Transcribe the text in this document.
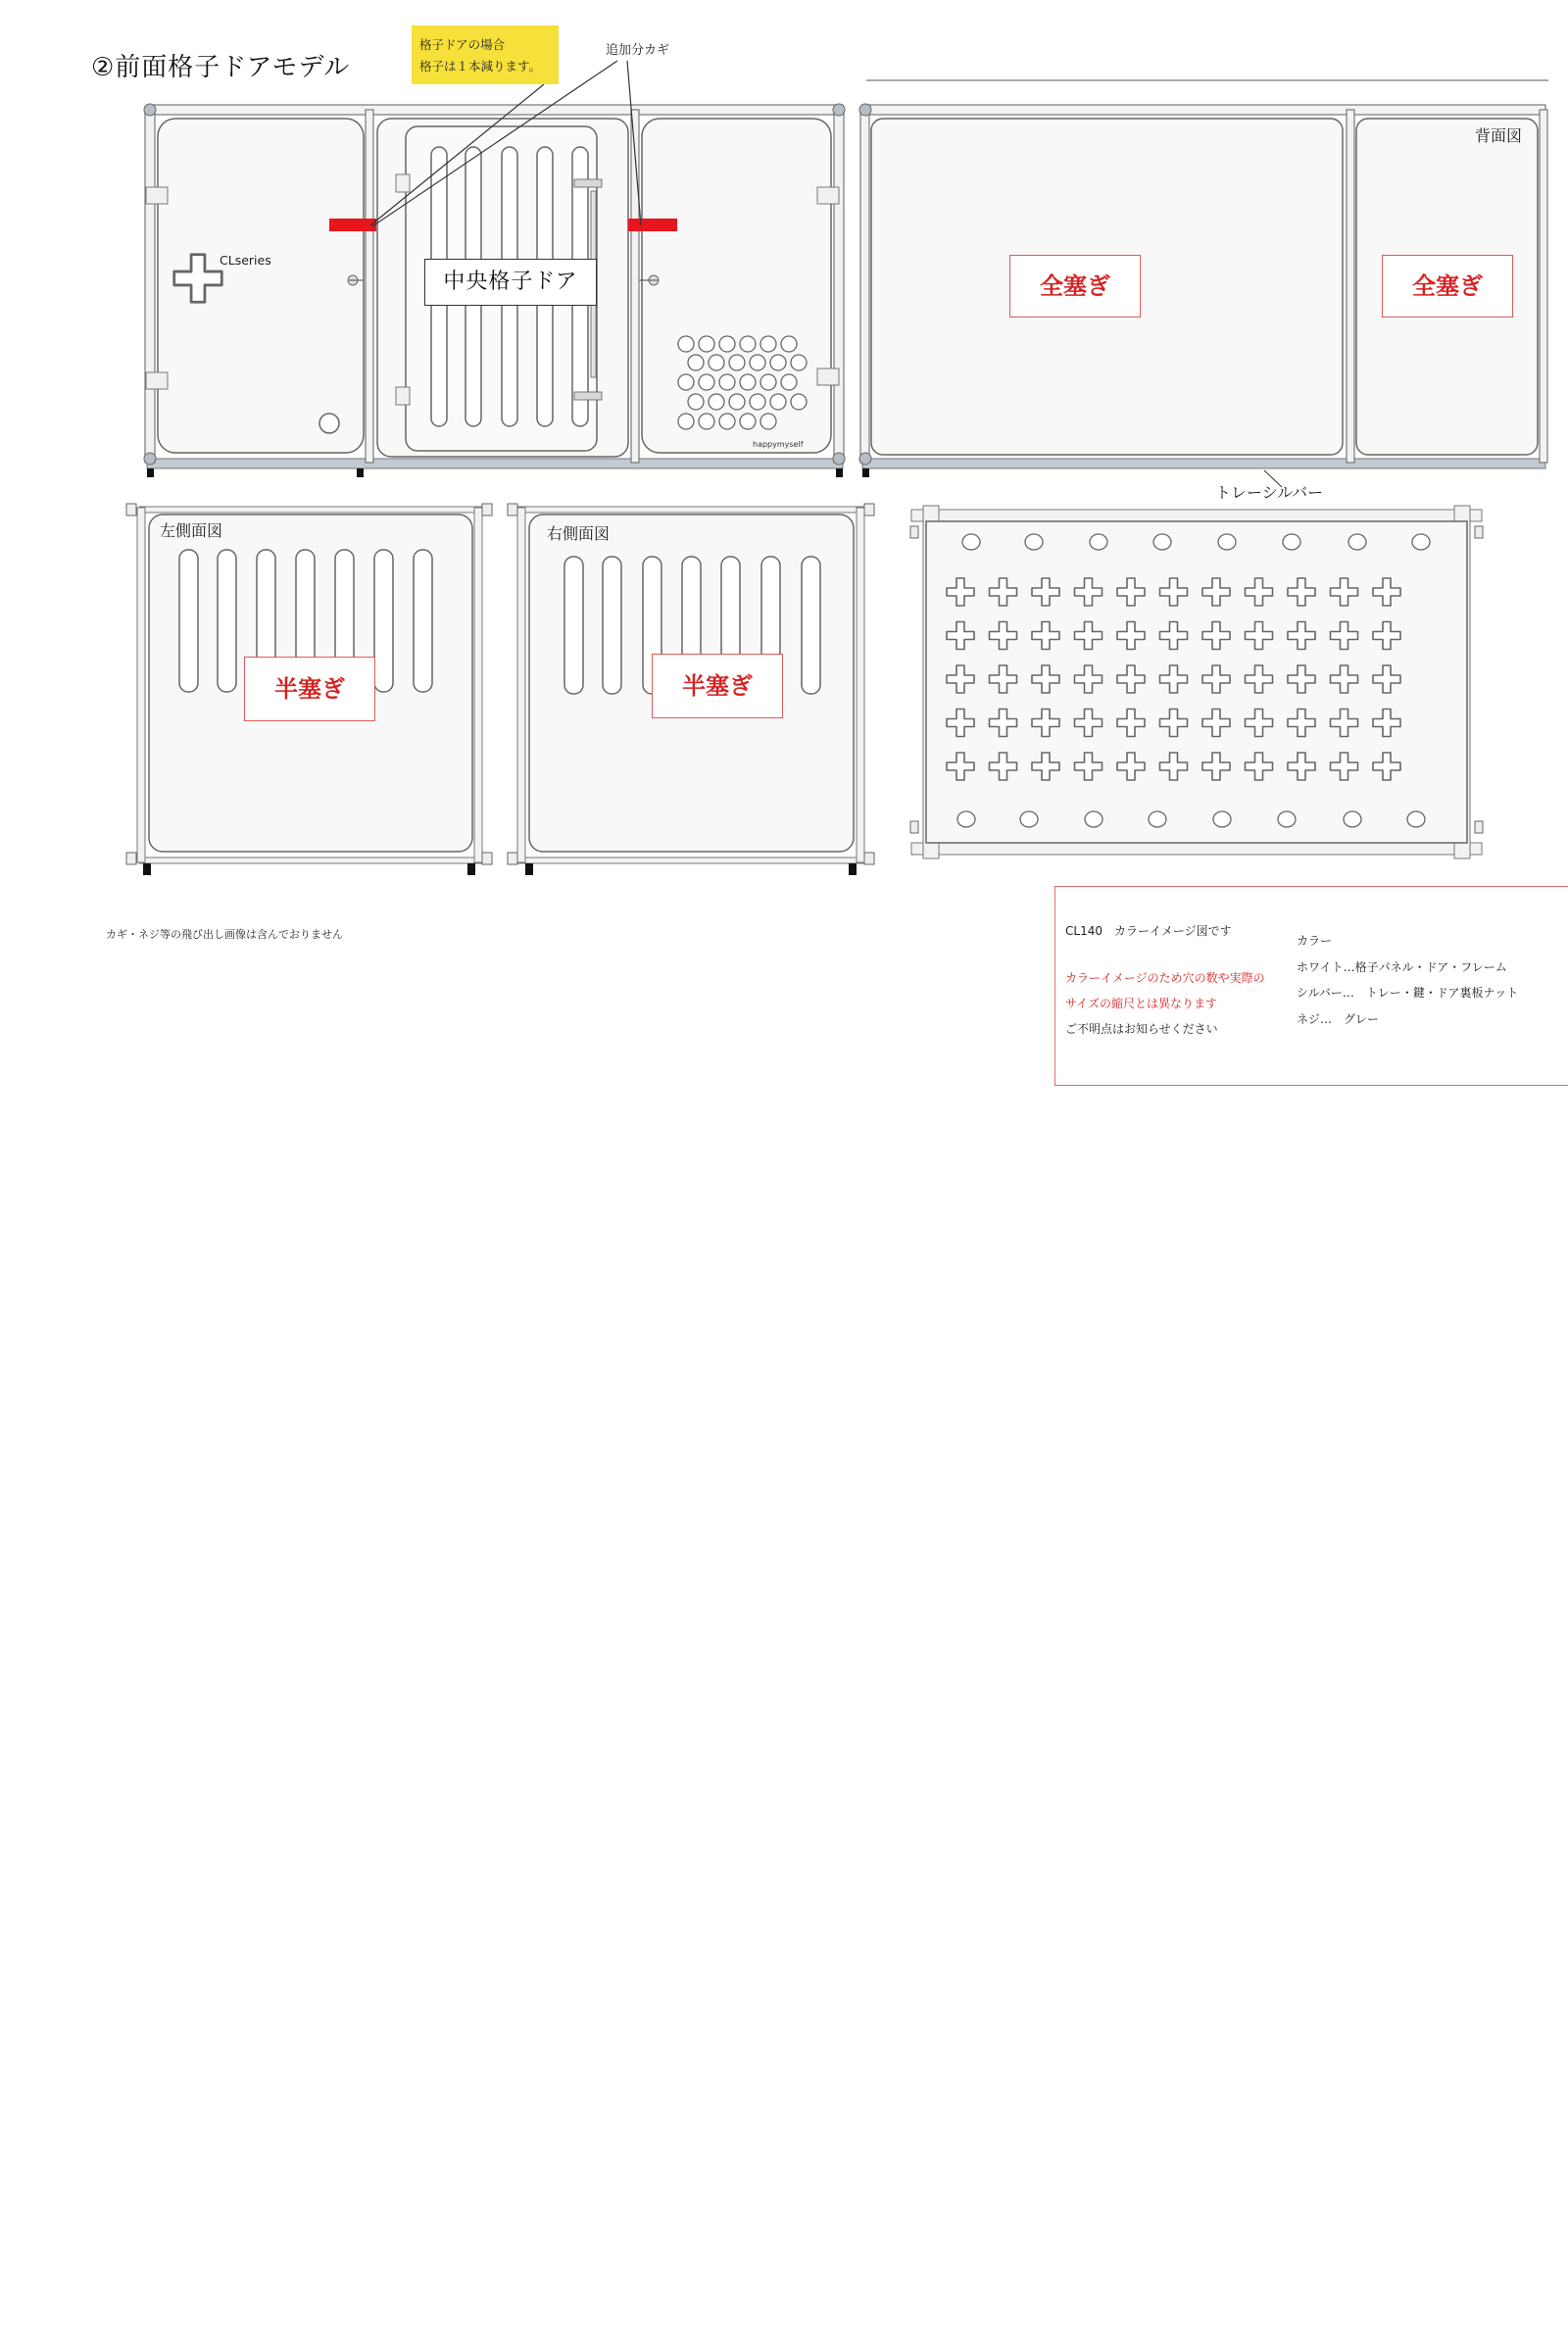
②前面格子ドアモデル
格子ドアの場合
格子は１本減ります。
追加分カギ
中央格子ドア
CLseries
happymyself
背面図
全塞ぎ	全塞ぎ
トレーシルバー
左側面図
半塞ぎ
右側面図
半塞ぎ
カギ・ネジ等の飛び出し画像は含んでおりません	CL140　カラーイメージ図です
カラーイメージのため穴の数や実際の
サイズの縮尺とは異なります
ご不明点はお知らせください
カラー
ホワイト…格子パネル・ドア・フレーム
シルバー…　トレー・鍵・ドア裏板ナット
ネジ…　グレー
